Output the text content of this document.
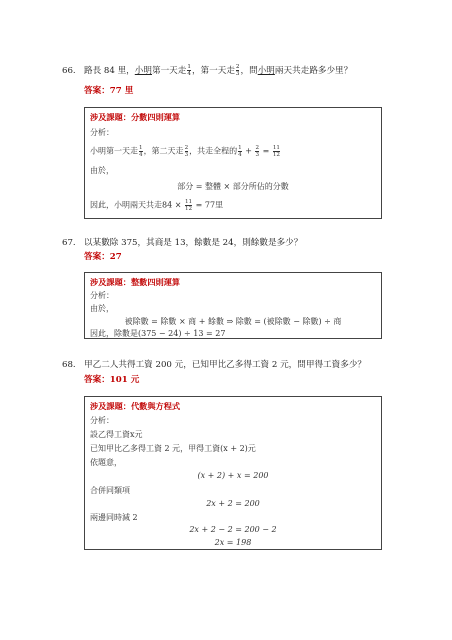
66. 路長 84 里，小明第一天走 $\frac{1}{4}$ ，第一天走 $\frac{2}{3}$ ，問小明兩天共走路多少里？
答案：77 里
涉及課題：分數四則運算
分析：
小明第一天走 $\frac{1}{4}$ ，第二天走 $\frac{2}{3}$ ，共走全程的 $\frac{1}{4} + \frac{2}{3} = \frac{11}{12}$
由於，
部分 = 整體 × 部分所佔的分數
因此，小明兩天共走$84 \times \frac{11}{12} = 77$里
67. 以某數除 375，其商是 13，餘數是 24，則餘數是多少？
答案：27
涉及課題：整數四則運算
分析：
由於，
被除數 = 除數 × 商 + 餘數 ⇒ 除數 = (被除數 − 除數) ÷ 商
因此，除數是(375 − 24) ÷ 13 = 27
68. 甲乙二人共得工資 200 元，已知甲比乙多得工資 2 元，問甲得工資多少？
答案：101 元
涉及課題：代數與方程式
分析：
設乙得工資x元
已知甲比乙多得工資 2 元，甲得工資(x + 2)元
依題意，
(x + 2) + x = 200
合併同類項
2x + 2 = 200
兩邊同時減 2
2x + 2 − 2 = 200 − 2
2x = 198
